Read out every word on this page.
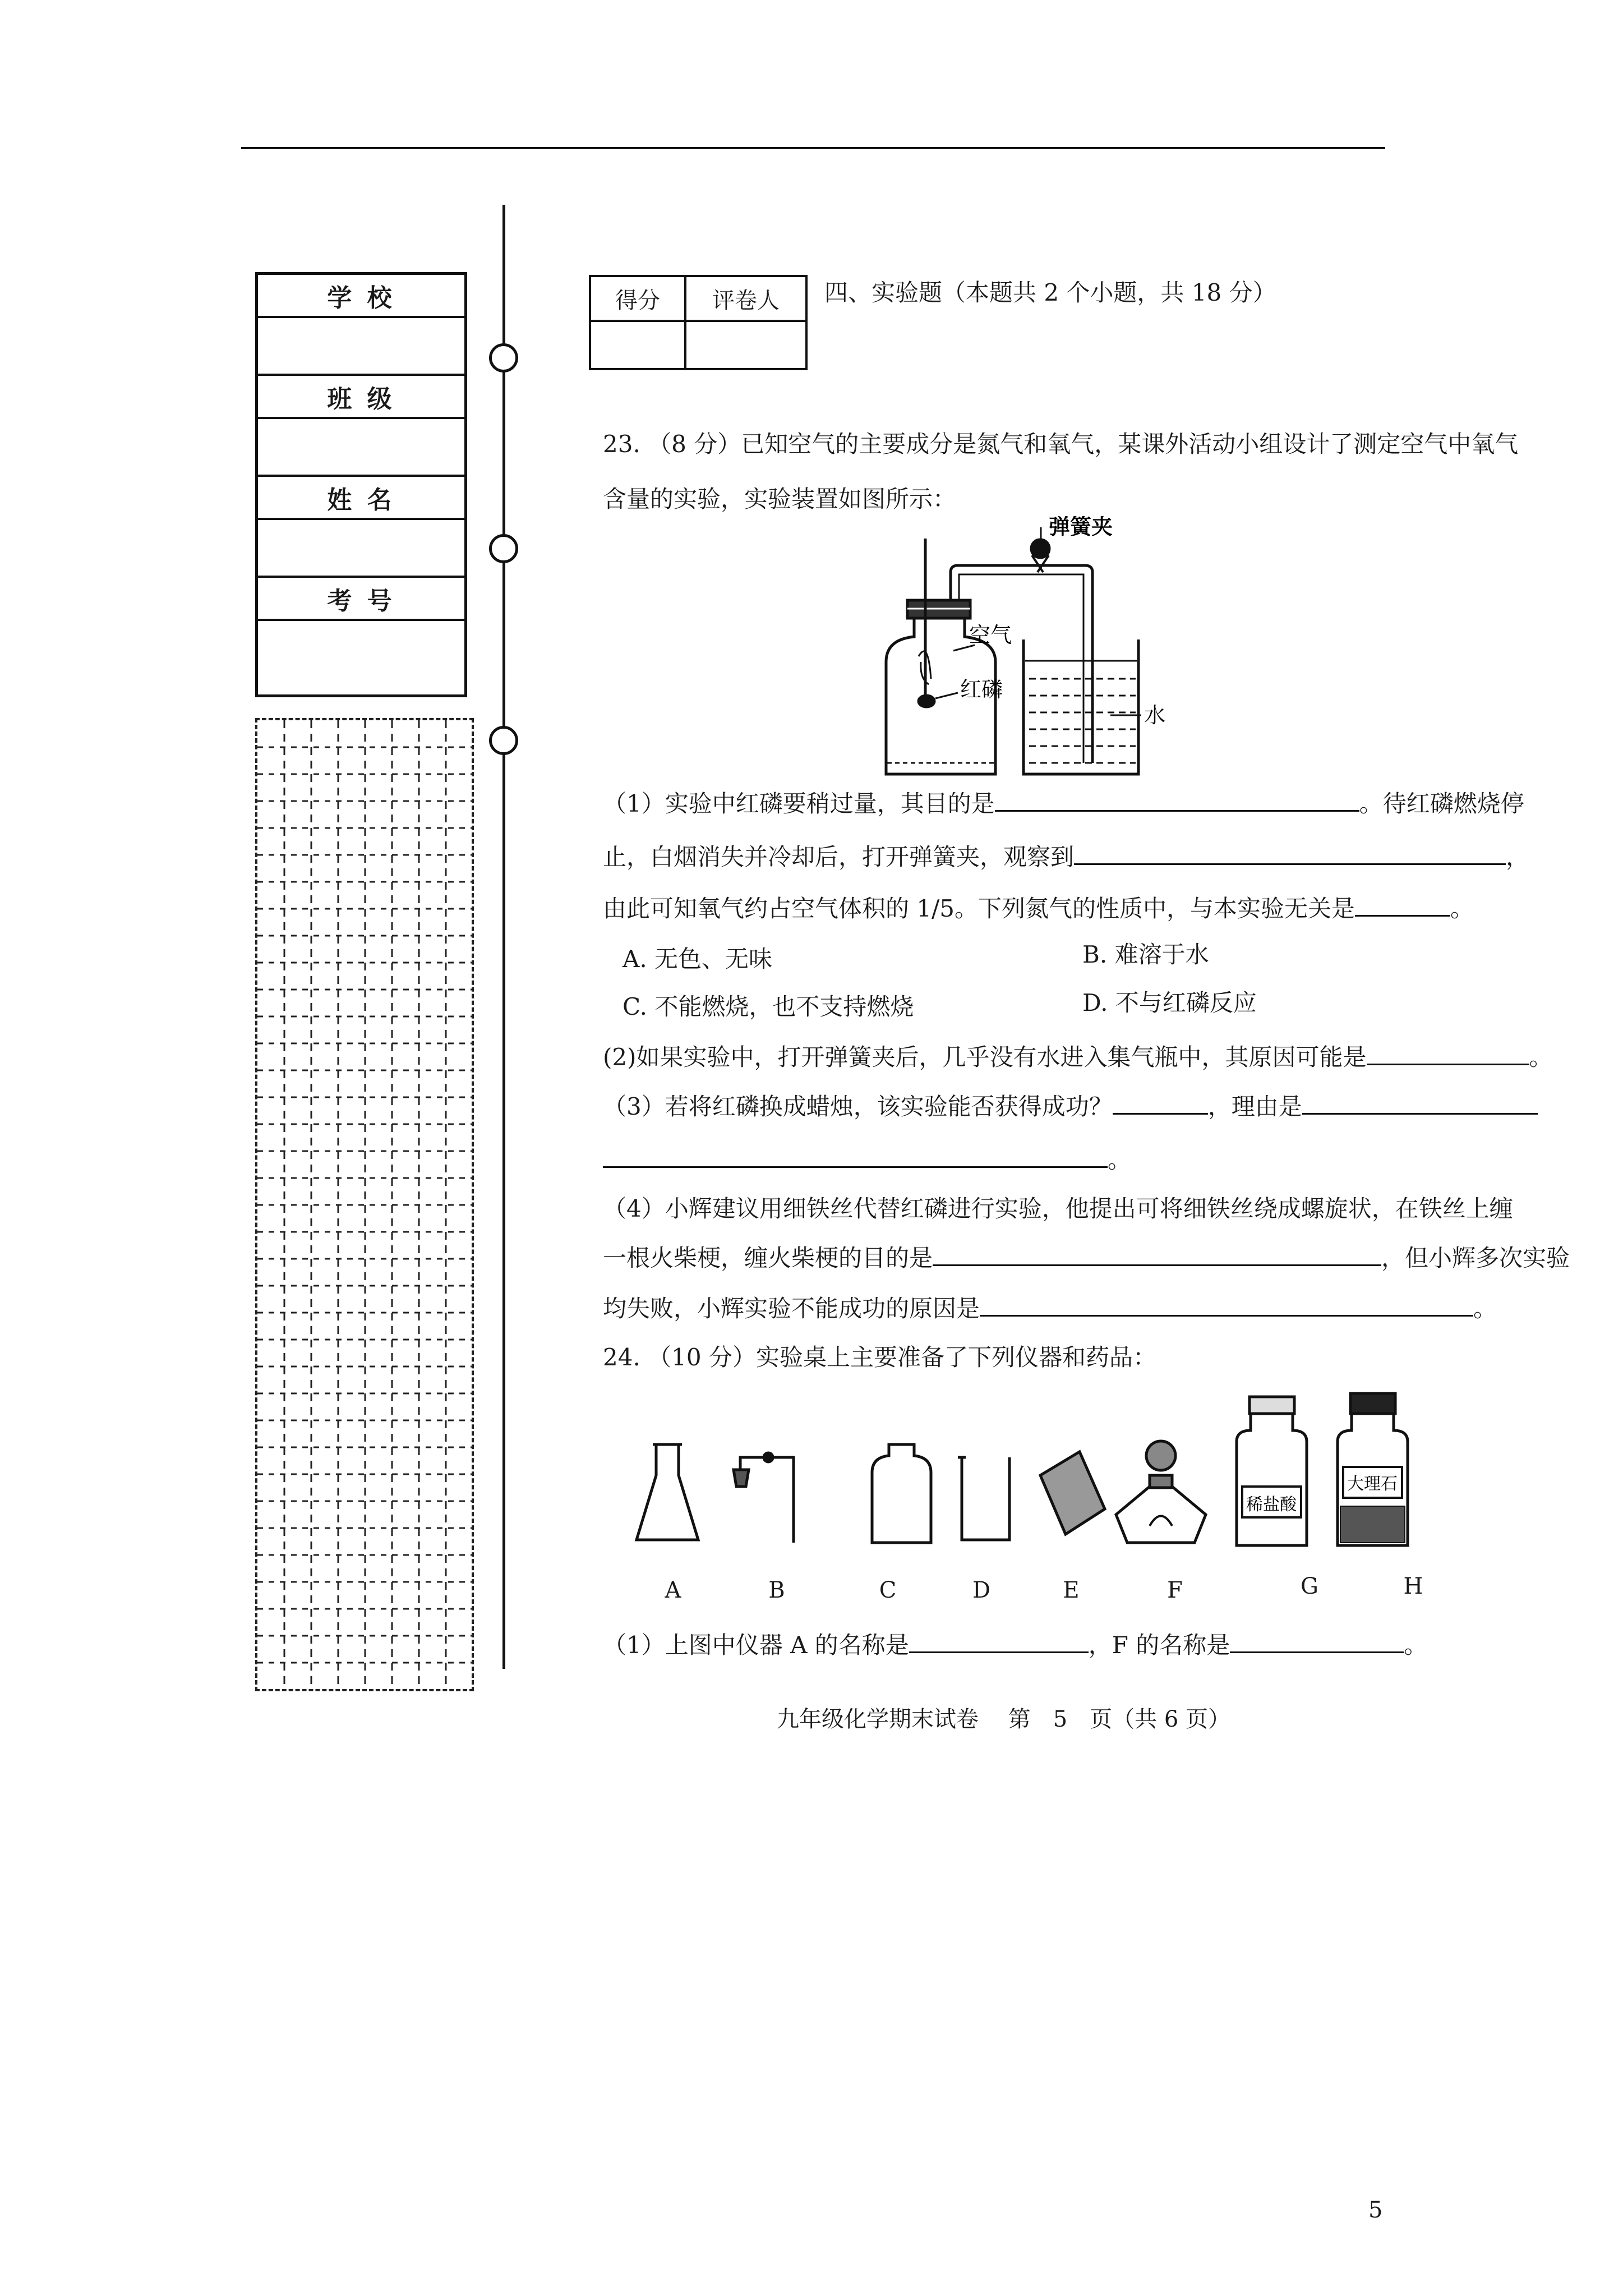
学 校
班 级
姓 名
考 号
得分	评卷人	四、实验题（本题共 2 个小题，共 18 分）
23. （8 分）已知空气的主要成分是氮气和氧气，某课外活动小组设计了测定空气中氧气
含量的实验，实验装置如图所示：
弹簧夹
空气
红磷
水
（1）实验中红磷要稍过量，其目的是	。待红磷燃烧停
止，白烟消失并冷却后，打开弹簧夹，观察到	，
由此可知氧气约占空气体积的 1/5。下列氮气的性质中，与本实验无关是	。
A. 无色、无味	B. 难溶于水
C. 不能燃烧，也不支持燃烧	D. 不与红磷反应
(2)如果实验中，打开弹簧夹后，几乎没有水进入集气瓶中，其原因可能是	。
（3）若将红磷换成蜡烛，该实验能否获得成功？	，理由是
。
（4）小辉建议用细铁丝代替红磷进行实验，他提出可将细铁丝绕成螺旋状，在铁丝上缠
一根火柴梗，缠火柴梗的目的是	，但小辉多次实验
均失败，小辉实验不能成功的原因是	。
24. （10 分）实验桌上主要准备了下列仪器和药品：
稀盐酸
大理石
A	B	C	D	E	F	G	H
（1）上图中仪器 A 的名称是	，F 的名称是	。
九年级化学期末试卷　 第　5　页（共 6 页）
5
